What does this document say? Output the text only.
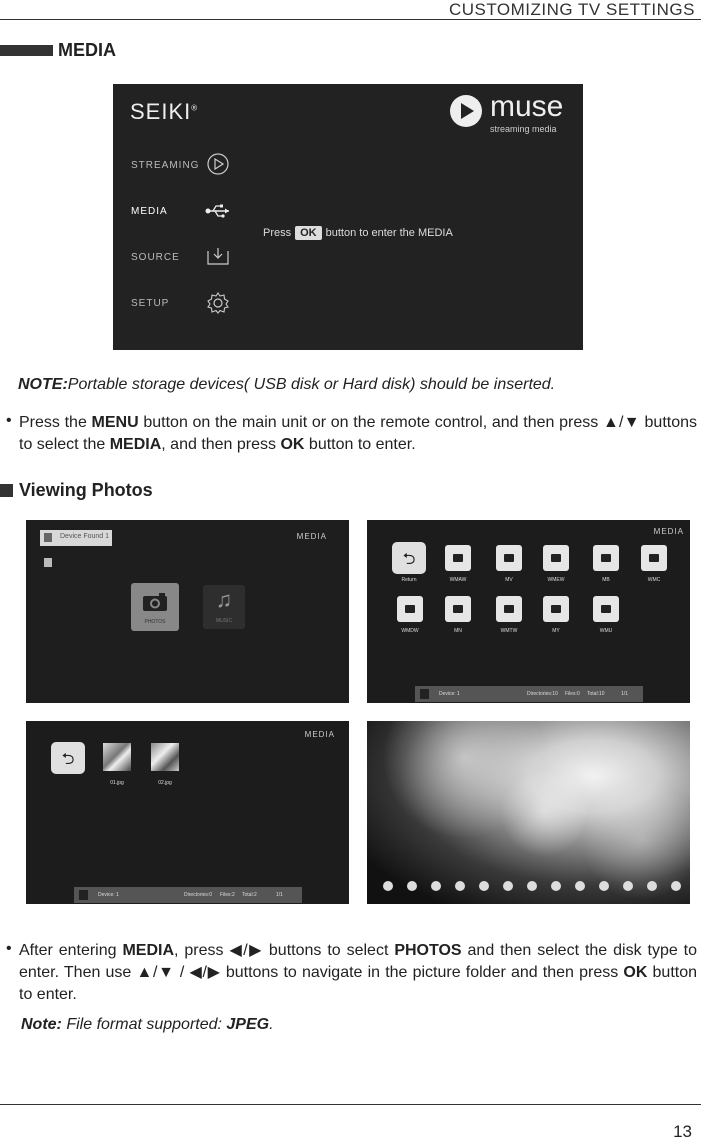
CUSTOMIZING TV SETTINGS
MEDIA
SEIKI®
STREAMING
MEDIA
SOURCE
SETUP
Press OK button to enter the MEDIA
muse
streaming media
NOTE:Portable storage devices( USB disk or Hard disk) should be inserted.
• Press the MENU button on the main unit or on the remote control, and then press ▲/▼ buttons to select the MEDIA, and then press OK button to enter.
Viewing Photos
Device Found 1	MEDIA
PHOTOS
♫
MUSIC
MEDIA
⮌
Return	WMAW	MV	WMEW	MB	WMC
WMDW	MN	WMTW	MY	WMU
Device: 1	Directories:10 Files:0 Total:10	1/1
MEDIA
⮌
01.jpg	02.jpg
Device: 1	Directories:0 Files:2 Total:2	1/1
• After entering MEDIA, press ◀/▶ buttons to select PHOTOS and then select the disk type to enter. Then use ▲/▼ / ◀/▶ buttons to navigate in the picture folder and then press OK button to enter.
Note: File format supported: JPEG.
13
